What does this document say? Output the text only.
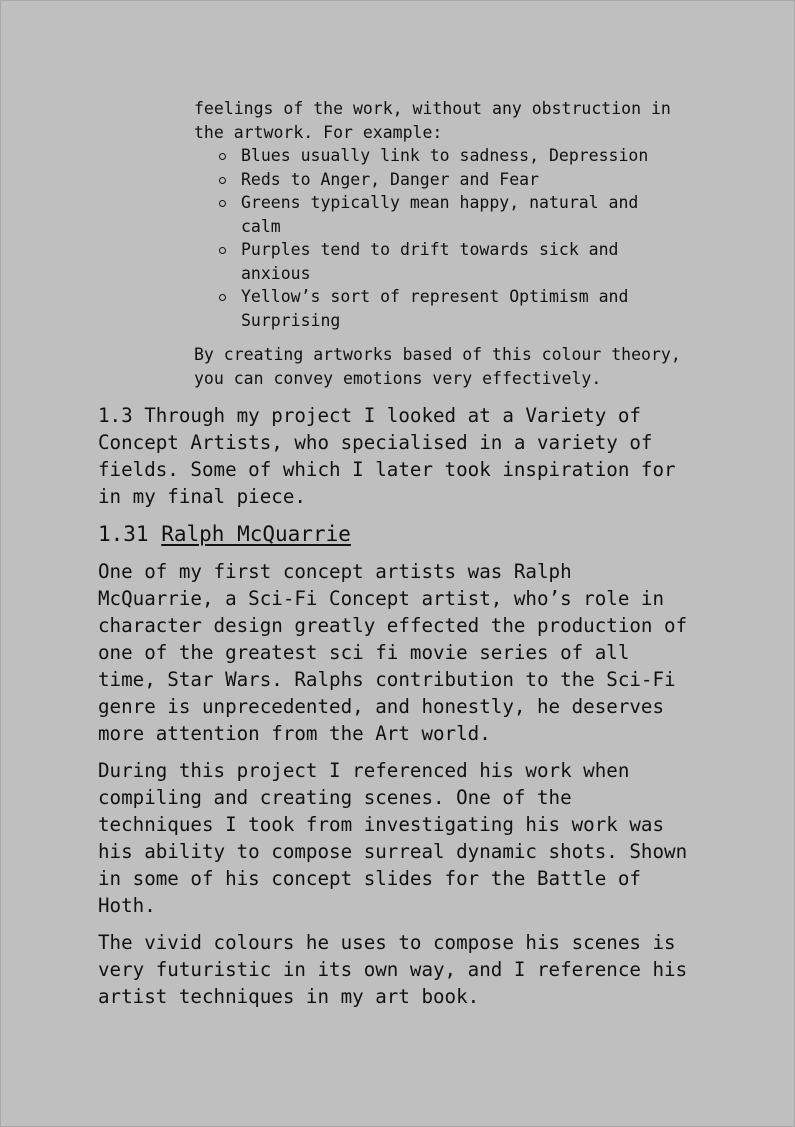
feelings of the work, without any obstruction in
the artwork. For example:
Blues usually link to sadness, Depression
Reds to Anger, Danger and Fear
Greens typically mean happy, natural and
calm
Purples tend to drift towards sick and
anxious
Yellow’s sort of represent Optimism and
Surprising
By creating artworks based of this colour theory,
you can convey emotions very effectively.
1.3 Through my project I looked at a Variety of
Concept Artists, who specialised in a variety of
fields. Some of which I later took inspiration for
in my final piece.
1.31 Ralph McQuarrie
One of my first concept artists was Ralph
McQuarrie, a Sci-Fi Concept artist, who’s role in
character design greatly effected the production of
one of the greatest sci fi movie series of all
time, Star Wars. Ralphs contribution to the Sci-Fi
genre is unprecedented, and honestly, he deserves
more attention from the Art world.
During this project I referenced his work when
compiling and creating scenes. One of the
techniques I took from investigating his work was
his ability to compose surreal dynamic shots. Shown
in some of his concept slides for the Battle of
Hoth.
The vivid colours he uses to compose his scenes is
very futuristic in its own way, and I reference his
artist techniques in my art book.
